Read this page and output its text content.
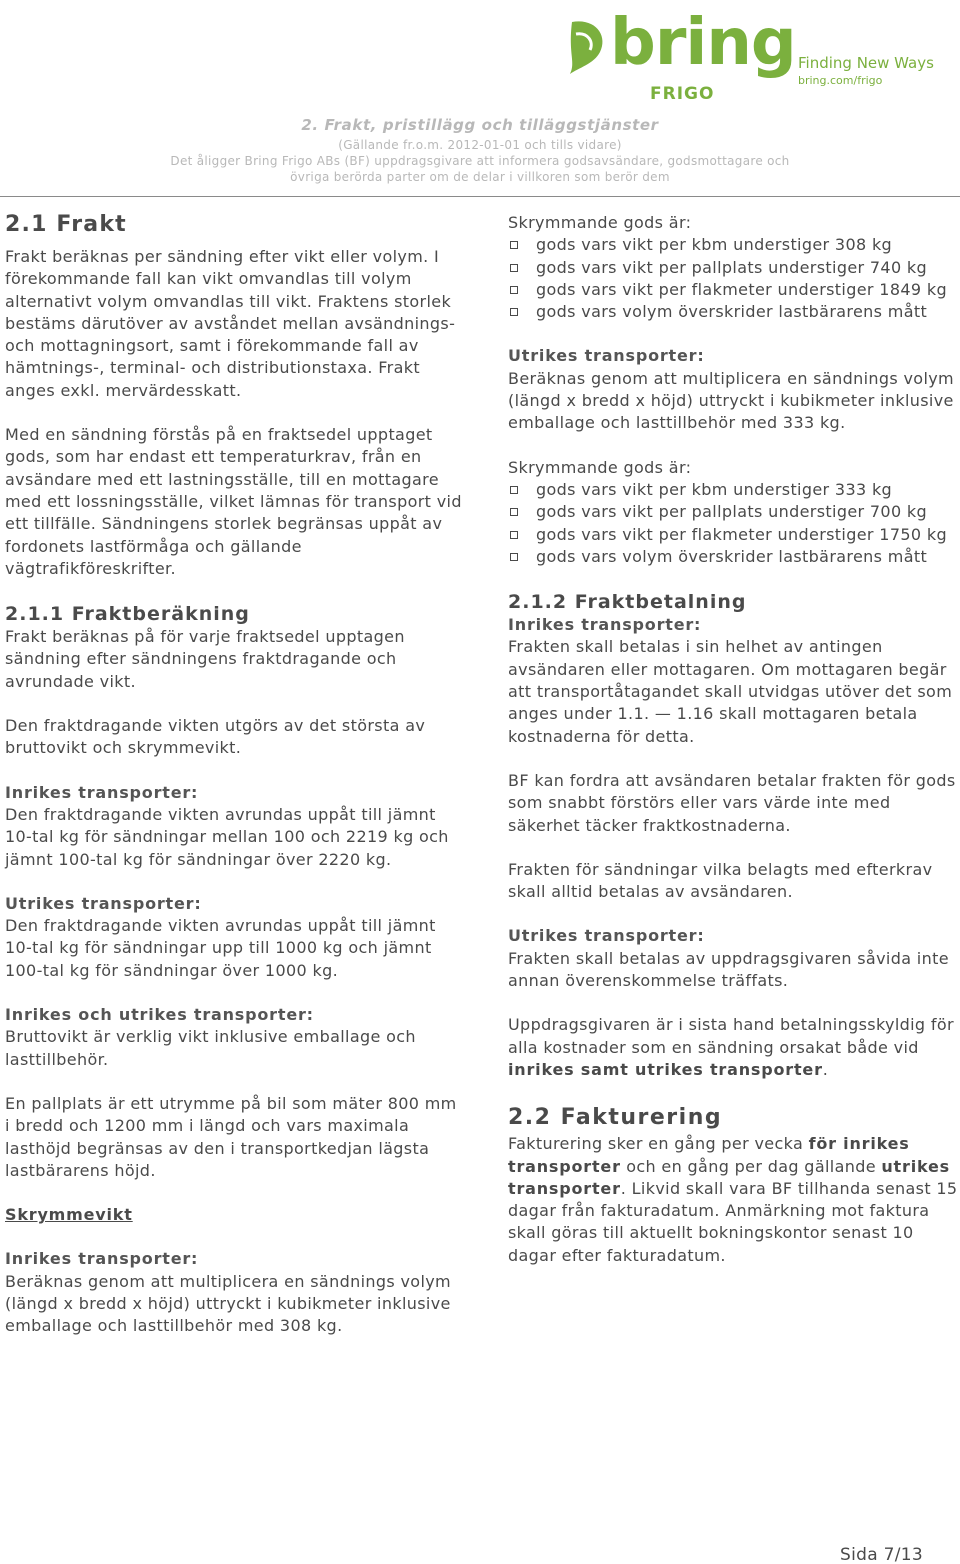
bring
FRIGO
Finding New Ways
bring.com/frigo
2. Frakt, pristillägg och tilläggstjänster
(Gällande fr.o.m. 2012-01-01 och tills vidare)
Det åligger Bring Frigo ABs (BF) uppdragsgivare att informera godsavsändare, godsmottagare och
övriga berörda parter om de delar i villkoren som berör dem
2.1 Frakt

Frakt beräknas per sändning efter vikt eller volym. I förekommande fall kan vikt omvandlas till volym alternativt volym omvandlas till vikt. Fraktens storlek bestäms därutöver av avståndet mellan avsändnings- och mottagningsort, samt i förekommande fall av hämtnings-, terminal- och distributionstaxa. Frakt anges exkl. mervärdesskatt.

Med en sändning förstås på en fraktsedel upptaget gods, som har endast ett temperaturkrav, från en avsändare med ett lastningsställe, till en mottagare med ett lossningsställe, vilket lämnas för transport vid ett tillfälle. Sändningens storlek begränsas uppåt av fordonets lastförmåga och gällande vägtrafikföreskrifter.

2.1.1 Fraktberäkning

Frakt beräknas på för varje fraktsedel upptagen sändning efter sändningens fraktdragande och avrundade vikt.

Den fraktdragande vikten utgörs av det största av bruttovikt och skrymmevikt.

Inrikes transporter:

Den fraktdragande vikten avrundas uppåt till jämnt 10-tal kg för sändningar mellan 100 och 2219 kg och jämnt 100-tal kg för sändningar över 2220 kg.

Utrikes transporter:

Den fraktdragande vikten avrundas uppåt till jämnt 10-tal kg för sändningar upp till 1000 kg och jämnt 100-tal kg för sändningar över 1000 kg.

Inrikes och utrikes transporter:

Bruttovikt är verklig vikt inklusive emballage och lasttillbehör.

En pallplats är ett utrymme på bil som mäter 800 mm i bredd och 1200 mm i längd och vars maximala lasthöjd begränsas av den i transportkedjan lägsta lastbärarens höjd.

Skrymmevikt

Inrikes transporter:

Beräknas genom att multiplicera en sändnings volym (längd x bredd x höjd) uttryckt i kubikmeter inklusive emballage och lasttillbehör med 308 kg.

Skrymmande gods är:

gods vars vikt per kbm understiger 308 kg
gods vars vikt per pallplats understiger 740 kg
gods vars vikt per flakmeter understiger 1849 kg
gods vars volym överskrider lastbärarens mått

Utrikes transporter:

Beräknas genom att multiplicera en sändnings volym (längd x bredd x höjd) uttryckt i kubikmeter inklusive emballage och lasttillbehör med 333 kg.

Skrymmande gods är:

gods vars vikt per kbm understiger 333 kg
gods vars vikt per pallplats understiger 700 kg
gods vars vikt per flakmeter understiger 1750 kg
gods vars volym överskrider lastbärarens mått
2.1.2 Fraktbetalning

Inrikes transporter:

Frakten skall betalas i sin helhet av antingen avsändaren eller mottagaren. Om mottagaren begär att transportåtagandet skall utvidgas utöver det som anges under 1.1. — 1.16 skall mottagaren betala kostnaderna för detta.

BF kan fordra att avsändaren betalar frakten för gods som snabbt förstörs eller vars värde inte med säkerhet täcker fraktkostnaderna.

Frakten för sändningar vilka belagts med efterkrav skall alltid betalas av avsändaren.

Utrikes transporter:

Frakten skall betalas av uppdragsgivaren såvida inte annan överenskommelse träffats.

Uppdragsgivaren är i sista hand betalningsskyldig för alla kostnader som en sändning orsakat både vid inrikes samt utrikes transporter.

2.2 Fakturering

Fakturering sker en gång per vecka för inrikes transporter och en gång per dag gällande utrikes transporter. Likvid skall vara BF tillhanda senast 15 dagar från fakturadatum. Anmärkning mot faktura skall göras till aktuellt bokningskontor senast 10 dagar efter fakturadatum.

Sida 7/13
